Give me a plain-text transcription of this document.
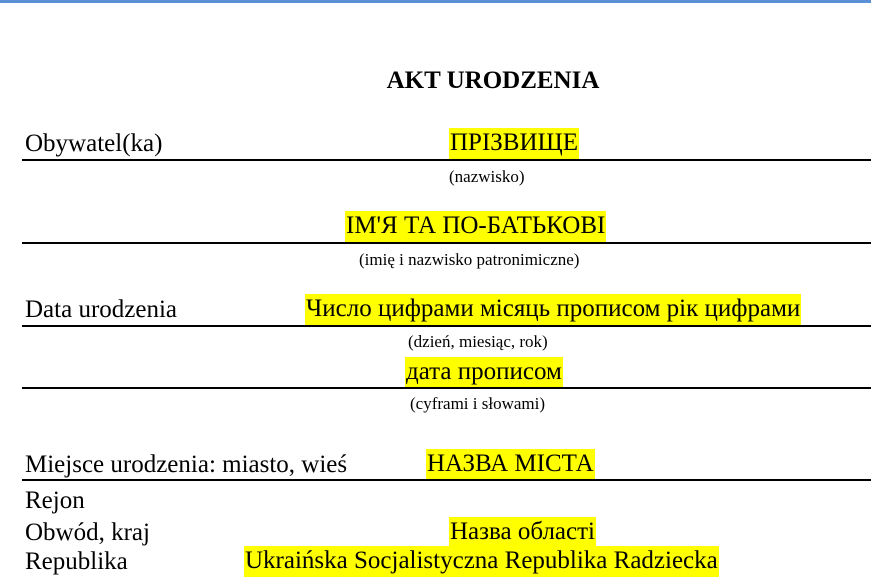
AKT URODZENIA
Obywatel(ka)	ПРІЗВИЩЕ
(nazwisko)
ІМ'Я ТА ПО-БАТЬКОВІ
(imię i nazwisko patronimiczne)
Data urodzenia	Число цифрами місяць прописом рік цифрами
(dzień, miesiąc, rok)
дата прописом
(cyframi i słowami)
Miejsce urodzenia: miasto, wieś	НАЗВА МІСТА
Rejon
Obwód, kraj	Назва області
Republika	Ukraińska Socjalistyczna Republika Radziecka
